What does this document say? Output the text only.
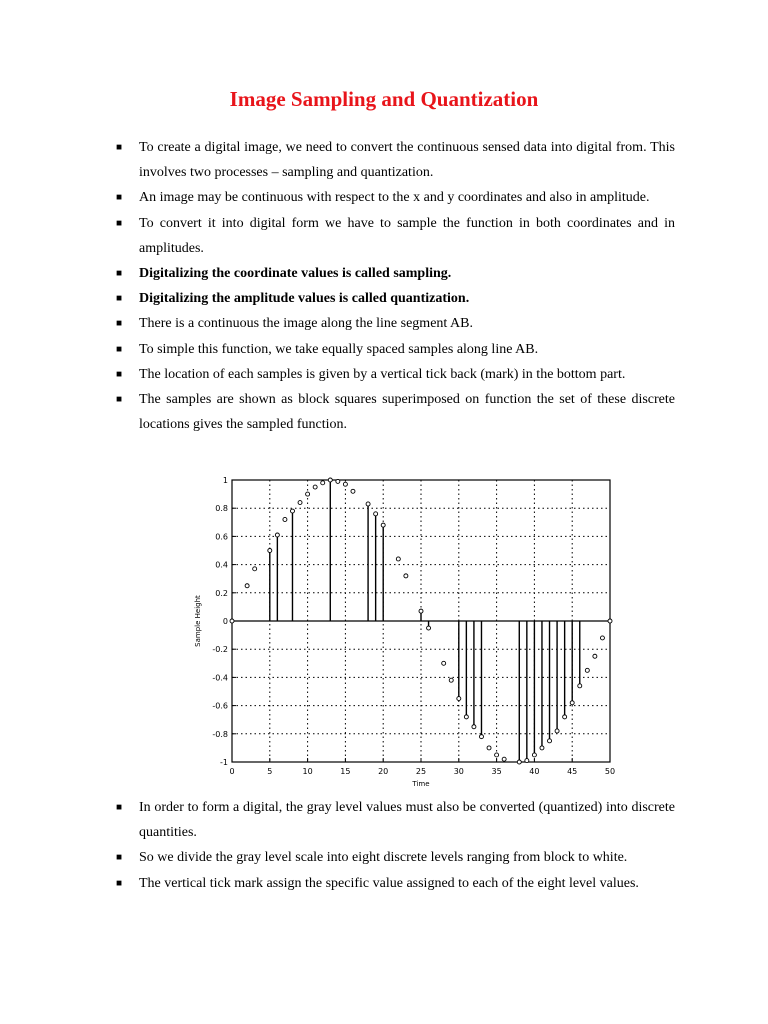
Image Sampling and Quantization
■ To create a digital image, we need to convert the continuous sensed data into digital from. This involves two processes – sampling and quantization.
■ An image may be continuous with respect to the x and y coordinates and also in amplitude.
■ To convert it into digital form we have to sample the function in both coordinates and in amplitudes.
■ Digitalizing the coordinate values is called sampling.
■ Digitalizing the amplitude values is called quantization.
■ There is a continuous the image along the line segment AB.
■ To simple this function, we take equally spaced samples along line AB.
■ The location of each samples is given by a vertical tick back (mark) in the bottom part.
■ The samples are shown as block squares superimposed on function the set of these discrete locations gives the sampled function.
0	5	10	15	20	25	30	35	40	45	50
1
0.8
0.6
0.4
0.2
0
-0.2
-0.4
-0.6
-0.8
-1
Time
Sample Height
■ In order to form a digital, the gray level values must also be converted (quantized) into discrete quantities.
■ So we divide the gray level scale into eight discrete levels ranging from block to white.
■ The vertical tick mark assign the specific value assigned to each of the eight level values.
